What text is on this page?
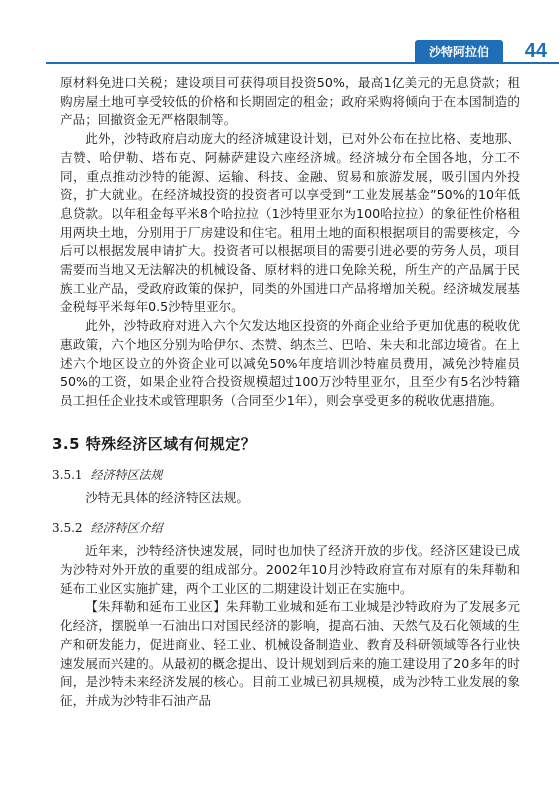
沙特阿拉伯	44

原材料免进口关税；建设项目可获得项目投资50%，最高1亿美元的无息贷款；租购房屋土地可享受较低的价格和长期固定的租金；政府采购将倾向于在本国制造的产品；回撤资金无严格限制等。

此外，沙特政府启动庞大的经济城建设计划，已对外公布在拉比格、麦地那、吉赞、哈伊勒、塔布克、阿赫萨建设六座经济城。经济城分布全国各地，分工不同，重点推动沙特的能源、运输、科技、金融、贸易和旅游发展，吸引国内外投资，扩大就业。在经济城投资的投资者可以享受到“工业发展基金”50%的10年低息贷款。以年租金每平米8个哈拉拉（1沙特里亚尔为100哈拉拉）的象征性价格租用两块土地，分别用于厂房建设和住宅。租用土地的面积根据项目的需要核定，今后可以根据发展申请扩大。投资者可以根据项目的需要引进必要的劳务人员，项目需要而当地又无法解决的机械设备、原材料的进口免除关税，所生产的产品属于民族工业产品，受政府政策的保护，同类的外国进口产品将增加关税。经济城发展基金税每平米每年0.5沙特里亚尔。

此外，沙特政府对进入六个欠发达地区投资的外商企业给予更加优惠的税收优惠政策，六个地区分别为哈伊尔、杰赞、纳杰兰、巴哈、朱夫和北部边境省。在上述六个地区设立的外资企业可以减免50%年度培训沙特雇员费用，减免沙特雇员50%的工资，如果企业符合投资规模超过100万沙特里亚尔，且至少有5名沙特籍员工担任企业技术或管理职务（合同至少1年），则会享受更多的税收优惠措施。

3.5 特殊经济区域有何规定？
3.5.1 经济特区法规

沙特无具体的经济特区法规。

3.5.2 经济特区介绍

近年来，沙特经济快速发展，同时也加快了经济开放的步伐。经济区建设已成为沙特对外开放的重要的组成部分。2002年10月沙特政府宣布对原有的朱拜勒和延布工业区实施扩建，两个工业区的二期建设计划正在实施中。

【朱拜勒和延布工业区】朱拜勒工业城和延布工业城是沙特政府为了发展多元化经济，摆脱单一石油出口对国民经济的影响，提高石油、天然气及石化领域的生产和研发能力，促进商业、轻工业、机械设备制造业、教育及科研领域等各行业快速发展而兴建的。从最初的概念提出、设计规划到后来的施工建设用了20多年的时间，是沙特未来经济发展的核心。目前工业城已初具规模，成为沙特工业发展的象征，并成为沙特非石油产品
